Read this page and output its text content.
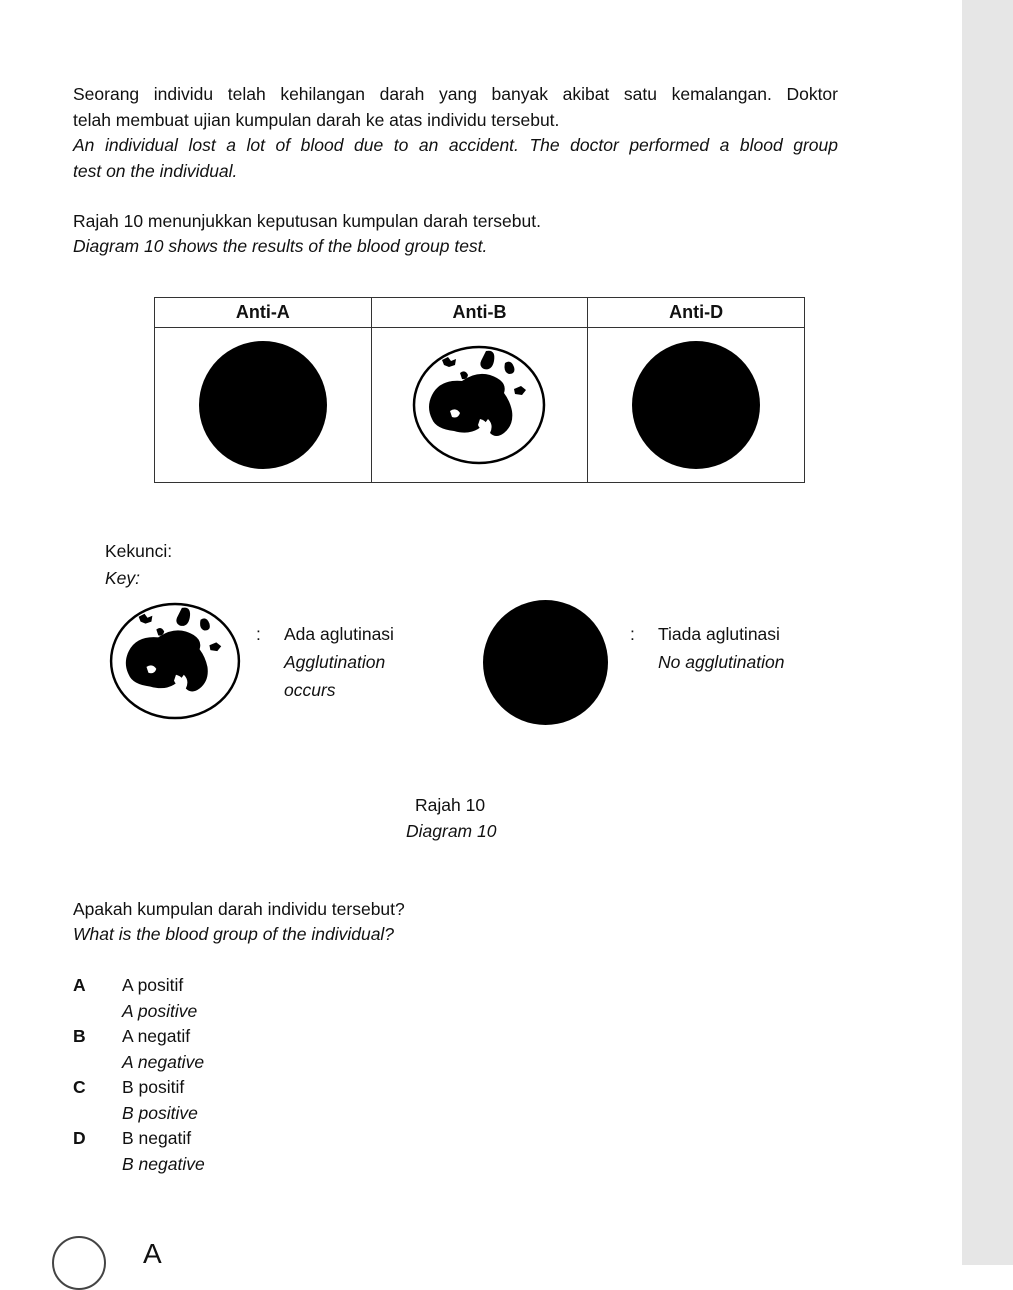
Seorang individu telah kehilangan darah yang banyak akibat satu kemalangan. Doktor
telah membuat ujian kumpulan darah ke atas individu tersebut.
An individual lost a lot of blood due to an accident. The doctor performed a blood group
test on the individual.
Rajah 10 menunjukkan keputusan kumpulan darah tersebut.
Diagram 10 shows the results of the blood group test.
Anti-A	Anti-B	Anti-D

Kekunci:
Key:
: Ada aglutinasi
Agglutination
occurs
: Tiada aglutinasi
No agglutination
Rajah 10
Diagram 10
Apakah kumpulan darah individu tersebut?
What is the blood group of the individual?
A A positif
A positive
B A negatif
A negative
C B positif
B positive
D B negatif
B negative
A
